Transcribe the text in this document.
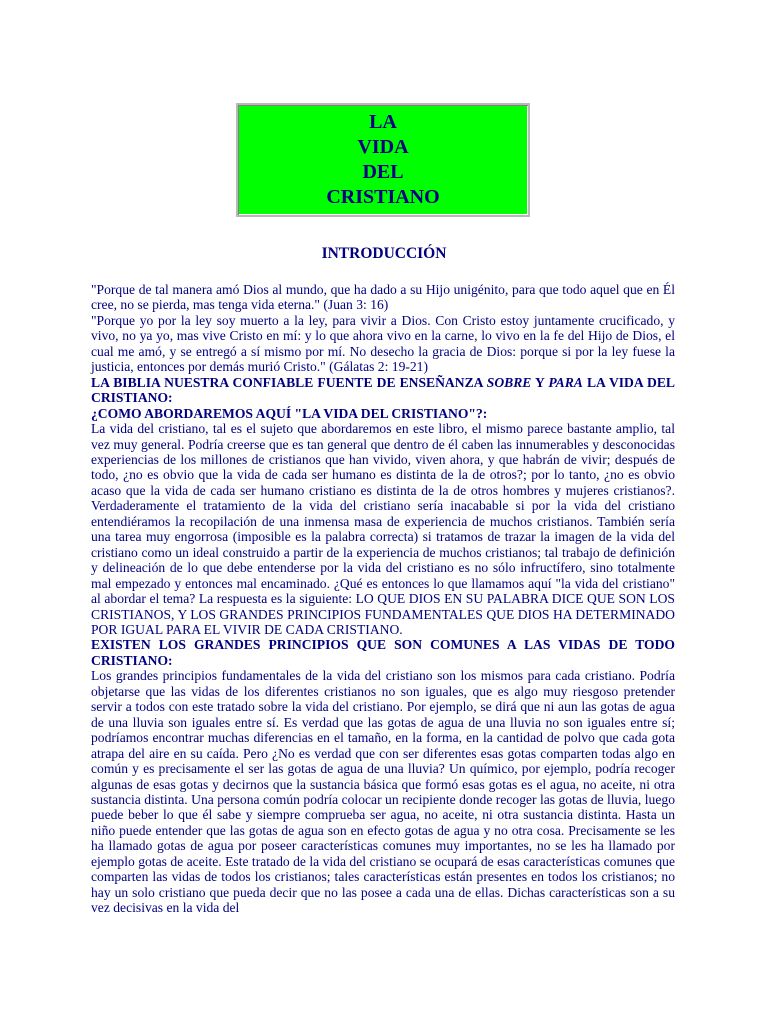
LA
VIDA
DEL
CRISTIANO
INTRODUCCIÓN

"Porque de tal manera amó Dios al mundo, que ha dado a su Hijo unigénito, para que todo aquel que en Él cree, no se pierda, mas tenga vida eterna." (Juan 3: 16)

"Porque yo por la ley soy muerto a la ley, para vivir a Dios. Con Cristo estoy juntamente crucificado, y vivo, no ya yo, mas vive Cristo en mí: y lo que ahora vivo en la carne, lo vivo en la fe del Hijo de Dios, el cual me amó, y se entregó a sí mismo por mí. No desecho la gracia de Dios: porque si por la ley fuese la justicia, entonces por demás murió Cristo." (Gálatas 2: 19-21)

LA BIBLIA NUESTRA CONFIABLE FUENTE DE ENSEÑANZA SOBRE Y PARA LA VIDA DEL CRISTIANO:

¿COMO ABORDAREMOS AQUÍ "LA VIDA DEL CRISTIANO"?:

La vida del cristiano, tal es el sujeto que abordaremos en este libro, el mismo parece bastante amplio, tal vez muy general. Podría creerse que es tan general que dentro de él caben las innumerables y desconocidas experiencias de los millones de cristianos que han vivido, viven ahora, y que habrán de vivir; después de todo, ¿no es obvio que la vida de cada ser humano es distinta de la de otros?; por lo tanto, ¿no es obvio acaso que la vida de cada ser humano cristiano es distinta de la de otros hombres y mujeres cristianos?. Verdaderamente el tratamiento de la vida del cristiano sería inacabable si por la vida del cristiano entendiéramos la recopilación de una inmensa masa de experiencia de muchos cristianos. También sería una tarea muy engorrosa (imposible es la palabra correcta) si tratamos de trazar la imagen de la vida del cristiano como un ideal construido a partir de la experiencia de muchos cristianos; tal trabajo de definición y delineación de lo que debe entenderse por la vida del cristiano es no sólo infructífero, sino totalmente mal empezado y entonces mal encaminado. ¿Qué es entonces lo que llamamos aquí "la vida del cristiano" al abordar el tema? La respuesta es la siguiente: LO QUE DIOS EN SU PALABRA DICE QUE SON LOS CRISTIANOS, Y LOS GRANDES PRINCIPIOS FUNDAMENTALES QUE DIOS HA DETERMINADO POR IGUAL PARA EL VIVIR DE CADA CRISTIANO.

EXISTEN LOS GRANDES PRINCIPIOS QUE SON COMUNES A LAS VIDAS DE TODO CRISTIANO:

Los grandes principios fundamentales de la vida del cristiano son los mismos para cada cristiano. Podría objetarse que las vidas de los diferentes cristianos no son iguales, que es algo muy riesgoso pretender servir a todos con este tratado sobre la vida del cristiano. Por ejemplo, se dirá que ni aun las gotas de agua de una lluvia son iguales entre sí. Es verdad que las gotas de agua de una lluvia no son iguales entre sí; podríamos encontrar muchas diferencias en el tamaño, en la forma, en la cantidad de polvo que cada gota atrapa del aire en su caída. Pero ¿No es verdad que con ser diferentes esas gotas comparten todas algo en común y es precisamente el ser las gotas de agua de una lluvia? Un químico, por ejemplo, podría recoger algunas de esas gotas y decirnos que la sustancia básica que formó esas gotas es el agua, no aceite, ni otra sustancia distinta. Una persona común podría colocar un recipiente donde recoger las gotas de lluvia, luego puede beber lo que él sabe y siempre comprueba ser agua, no aceite, ni otra sustancia distinta. Hasta un niño puede entender que las gotas de agua son en efecto gotas de agua y no otra cosa. Precisamente se les ha llamado gotas de agua por poseer características comunes muy importantes, no se les ha llamado por ejemplo gotas de aceite. Este tratado de la vida del cristiano se ocupará de esas características comunes que comparten las vidas de todos los cristianos; tales características están presentes en todos los cristianos; no hay un solo cristiano que pueda decir que no las posee a cada una de ellas. Dichas características son a su vez decisivas en la vida del
